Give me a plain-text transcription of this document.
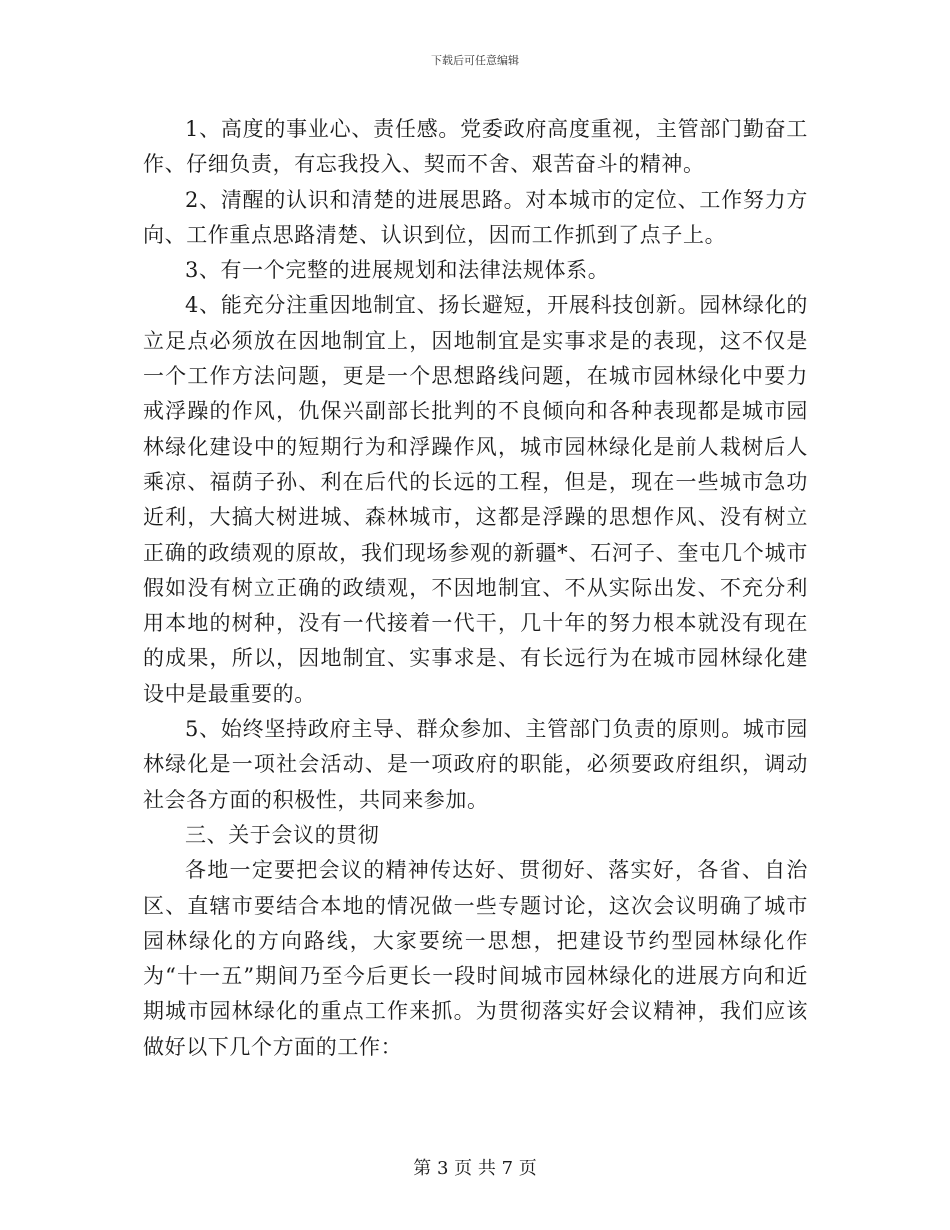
下载后可任意编辑

1、高度的事业心、责任感。党委政府高度重视，主管部门勤奋工作、仔细负责，有忘我投入、契而不舍、艰苦奋斗的精神。

2、清醒的认识和清楚的进展思路。对本城市的定位、工作努力方向、工作重点思路清楚、认识到位，因而工作抓到了点子上。

3、有一个完整的进展规划和法律法规体系。

4、能充分注重因地制宜、扬长避短，开展科技创新。园林绿化的立足点必须放在因地制宜上，因地制宜是实事求是的表现，这不仅是一个工作方法问题，更是一个思想路线问题，在城市园林绿化中要力戒浮躁的作风，仇保兴副部长批判的不良倾向和各种表现都是城市园林绿化建设中的短期行为和浮躁作风，城市园林绿化是前人栽树后人乘凉、福荫子孙、利在后代的长远的工程，但是，现在一些城市急功近利，大搞大树进城、森林城市，这都是浮躁的思想作风、没有树立正确的政绩观的原故，我们现场参观的新疆*、石河子、奎屯几个城市假如没有树立正确的政绩观，不因地制宜、不从实际出发、不充分利用本地的树种，没有一代接着一代干，几十年的努力根本就没有现在的成果，所以，因地制宜、实事求是、有长远行为在城市园林绿化建设中是最重要的。

5、始终坚持政府主导、群众参加、主管部门负责的原则。城市园林绿化是一项社会活动、是一项政府的职能，必须要政府组织，调动社会各方面的积极性，共同来参加。

三、关于会议的贯彻

各地一定要把会议的精神传达好、贯彻好、落实好，各省、自治区、直辖市要结合本地的情况做一些专题讨论，这次会议明确了城市园林绿化的方向路线，大家要统一思想，把建设节约型园林绿化作为“十一五”期间乃至今后更长一段时间城市园林绿化的进展方向和近期城市园林绿化的重点工作来抓。为贯彻落实好会议精神，我们应该做好以下几个方面的工作：

第 3 页 共 7 页
